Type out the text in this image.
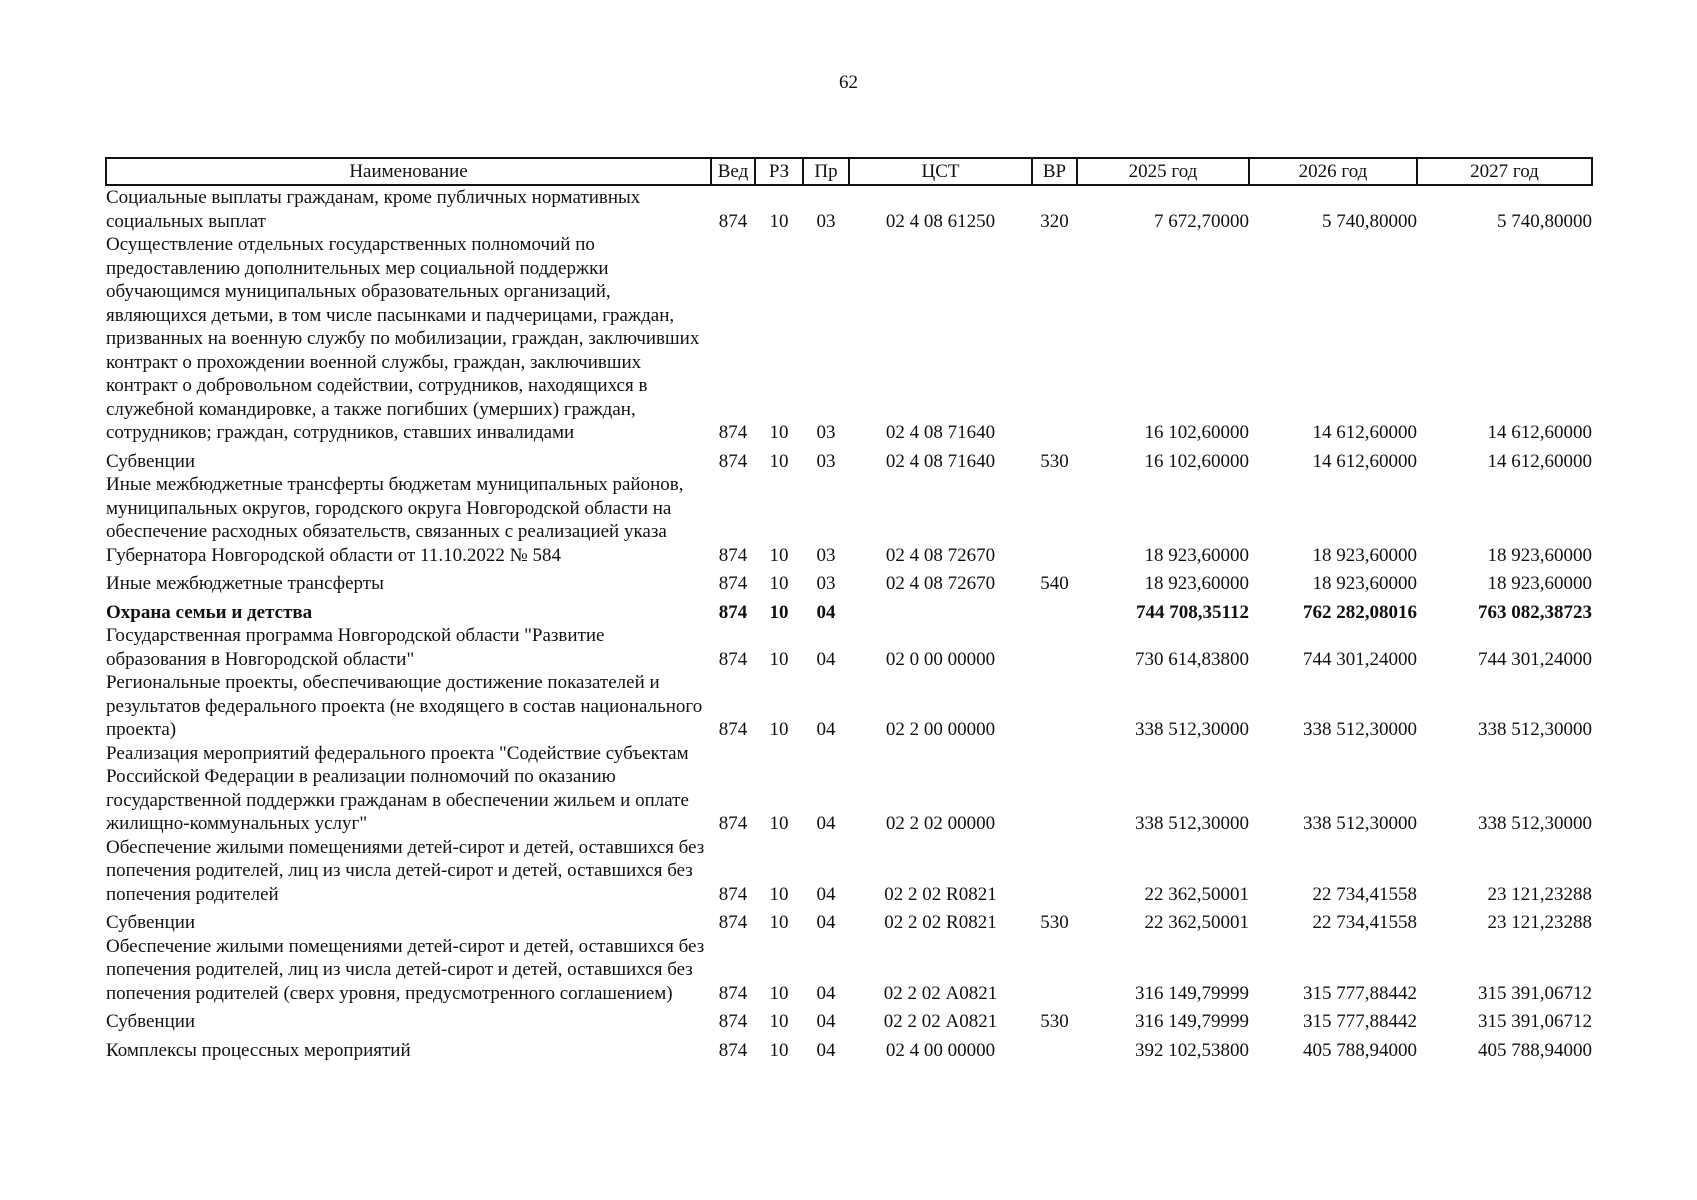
62
Наименование	Вед	РЗ	Пр	ЦСТ	ВР	2025 год	2026 год	2027 год
Социальные выплаты гражданам, кроме публичных нормативных социальных выплат	874	10	03	02 4 08 61250	320	7 672,70000	5 740,80000	5 740,80000
Осуществление отдельных государственных полномочий по предоставлению дополнительных мер социальной поддержки обучающимся муниципальных образовательных организаций, являющихся детьми, в том числе пасынками и падчерицами, граждан, призванных на военную службу по мобилизации, граждан, заключивших контракт о прохождении военной службы, граждан, заключивших контракт о добровольном содействии, сотрудников, находящихся в служебной командировке, а также погибших (умерших) граждан, сотрудников; граждан, сотрудников, ставших инвалидами	874	10	03	02 4 08 71640		16 102,60000	14 612,60000	14 612,60000
Субвенции	874	10	03	02 4 08 71640	530	16 102,60000	14 612,60000	14 612,60000
Иные межбюджетные трансферты бюджетам муниципальных районов, муниципальных округов, городского округа Новгородской области на обеспечение расходных обязательств, связанных с реализацией указа Губернатора Новгородской области от 11.10.2022 № 584	874	10	03	02 4 08 72670		18 923,60000	18 923,60000	18 923,60000
Иные межбюджетные трансферты	874	10	03	02 4 08 72670	540	18 923,60000	18 923,60000	18 923,60000
Охрана семьи и детства	874	10	04			744 708,35112	762 282,08016	763 082,38723
Государственная программа Новгородской области "Развитие образования в Новгородской области"	874	10	04	02 0 00 00000		730 614,83800	744 301,24000	744 301,24000
Региональные проекты, обеспечивающие достижение показателей и результатов федерального проекта (не входящего в состав национального проекта)	874	10	04	02 2 00 00000		338 512,30000	338 512,30000	338 512,30000
Реализация мероприятий федерального проекта "Содействие субъектам Российской Федерации в реализации полномочий по оказанию государственной поддержки гражданам в обеспечении жильем и оплате жилищно-коммунальных услуг"	874	10	04	02 2 02 00000		338 512,30000	338 512,30000	338 512,30000
Обеспечение жилыми помещениями детей-сирот и детей, оставшихся без попечения родителей, лиц из числа детей-сирот и детей, оставшихся без попечения родителей	874	10	04	02 2 02 R0821		22 362,50001	22 734,41558	23 121,23288
Субвенции	874	10	04	02 2 02 R0821	530	22 362,50001	22 734,41558	23 121,23288
Обеспечение жилыми помещениями детей-сирот и детей, оставшихся без попечения родителей, лиц из числа детей-сирот и детей, оставшихся без попечения родителей (сверх уровня, предусмотренного соглашением)	874	10	04	02 2 02 А0821		316 149,79999	315 777,88442	315 391,06712
Субвенции	874	10	04	02 2 02 А0821	530	316 149,79999	315 777,88442	315 391,06712
Комплексы процессных мероприятий	874	10	04	02 4 00 00000		392 102,53800	405 788,94000	405 788,94000
